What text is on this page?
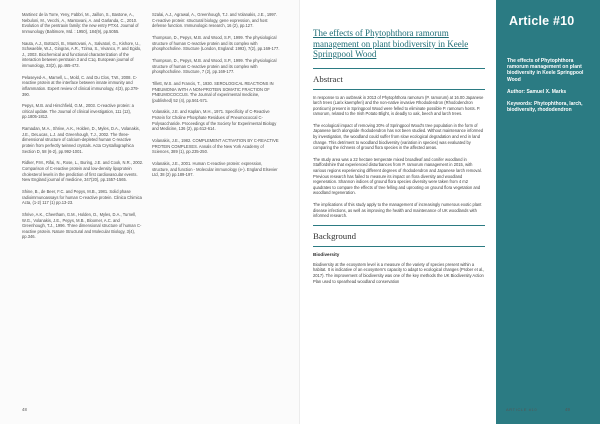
Martinez de la Torre, Yeny, Fabbri, M., Jaillon, S., Bastone, A., Nebuloni, M., Vecchi, A., Mantovani, A. and Garlanda, C., 2010. Evolution of the pentraxin family: the new entry PTX4. Journal of Immunology (Baltimore, Md. : 1950), 184(9), pp.5055.

Nauta, A.J., Bottazzi, B., Mantovani, A., Salvatori, G., Kishore, U., Schwaeble, W.J., Gingras, A.R., Tzima, S., Vivanco, F. and Egido, J., 2003. Biochemical and functional characterization of the interaction between pentraxin 3 and C1q. European journal of immunology, 33(2), pp.465-473.

Pelaseyed-A., Marnell, L., Mold, C. and Du Clos, T.W., 2008. C-reactive protein at the interface between innate immunity and inflammation. Expert review of clinical immunology, 4(3), pp.379-390.

Pepys, M.B. and Hirschfield, G.M., 2003. C-reactive protein: a critical update. The Journal of clinical investigation, 111 (12), pp.1805-1812.

Ramadan, M.A., Shrive, A.K., Holden, D., Myles, D.A., Volanakis, J.E., DeLucas, L.J. and Greenhough, T.J., 2002. The three-dimensional structure of calcium-depleted human C-reactive protein from perfectly twinned crystals. Acta Crystallographica Section D, 58 (6-2), pp.992-1001.

Ridker, P.M., Rifai, N., Rose, L., Buring, J.E. and Cook, N.R., 2002. Comparison of C-reactive protein and low-density lipoprotein cholesterol levels in the prediction of first cardiovascular events. New England journal of medicine, 347(20), pp.1557-1565.

Shine, B., de Beer, F.C. and Pepys, M.B., 1981. Solid phase radioimmunoassays for human C-reactive protein. Clinica Chimica Acta, (1-2) 117 (1) pp.13-23.

Shrive, A.K., Cheetham, G.M., Holden, D., Myles, D.A., Turnell, W.G., Volanakis, J.E., Pepys, M.B., Bloomer, A.C. and Greenhough, T.J., 1996. Three dimensional structure of human C-reactive protein. Nature Structural and Molecular Biology, 3(4), pp.346.

Szalai, A.J., Agrawal, A., Greenhough, T.J. and Volanakis, J.E., 1997. C-reactive protein: structural biology, gene expression, and host defense function. Immunologic research, 16 (2), pp.127.

Thompson, D., Pepys, M.B. and Wood, S.P., 1999. The physiological structure of human C-reactive protein and its complex with phosphocholine. Structure (London, England: 1993), 7(2), pp.169-177.

Thompson, D., Pepys, M.B. and Wood, S.P., 1999. The physiological structure of human C-reactive protein and its complex with phosphocholine. Structure, 7 (2), pp.169-177.

Tillett, W.S. and Francis, T., 1930. SEROLOGICAL REACTIONS IN PNEUMONIA WITH A NON-PROTEIN SOMATIC FRACTION OF PNEUMOCOCCUS. The Journal of experimental medicine, (published) 52 (4), pp.561-571.

Volanakis, J.E. and Kaplan, M.H., 1971. Specificity of C-Reactive Protein for Choline Phosphate Residues of Pneumococcal C-Polysaccharide. Proceedings of the Society for Experimental Biology and Medicine, 136 (2), pp.612-614.

Volanakis, J.E., 1982. COMPLEMENT ACTIVATION BY C-REACTIVE PROTEIN COMPLEXES. Annals of the New York Academy of Sciences, 389 (1), pp.235-250.

Volanakis, J.E., 2001. Human C-reactive protein: expression, structure, and function - Molecular immunology (e-). England Elsevier Ltd, 38 (2) pp.189-197.

48
The effects of Phytophthora ramorum management on plant biodiversity in Keele Springpool Wood
Abstract

In response to an outbreak in 2013 of Phytophthora ramorum (P. ramorum) at 16.00 Japanese larch trees (Larix kaempferi) and the non-native invasive Rhododendron (Rhododendron ponticum) present in Springpool Wood were felled to eliminate possible P. ramorum hosts. P. ramorum, related to the Irish Potato Blight, is deadly to oak, beech and larch trees.

The ecological impact of removing 20% of Springpool Wood's tree population in the form of Japanese larch alongside rhododendron has not been studied. Without maintenance informed by investigation, the woodland could suffer from slow ecological degradation and end in land change. This detriment to woodland biodiversity (variation in species) was evaluated by comparing the richness of ground flora species in the affected areas.

The study area was a 22 hectare temperate mixed broadleaf and conifer woodland in Staffordshire that experienced disturbances from P. ramorum management in 2015, with various regions experiencing different degrees of rhododendron and Japanese larch removal. Previous research has failed to measure its impact on flora diversity and woodland regeneration. Shannon indices of ground flora species diversity were taken from 4 m2 quadrates to compare the effects of tree felling and uprooting on ground flora vegetation and woodland regeneration.

The implications of this study apply to the management of increasingly numerous exotic plant disease infections, as well as improving the health and maintenance of UK woodlands with informed research.

Background
Biodiversity

Biodiversity at the ecosystem level is a measure of the variety of species present within a habitat. It is indicative of an ecosystem's capacity to adapt to ecological changes (Prober et al., 2017). The improvement of biodiversity was one of the key methods the UK Biodiversity Action Plan used to spearhead woodland conservation

Article #10
The effects of Phytophthora ramorum management on plant biodiversity in Keele Springpool Wood
Author: Samuel X. Marks
Keywords: Phytophthora, larch, biodiversity, rhododendron
ARTICLE #10	49
